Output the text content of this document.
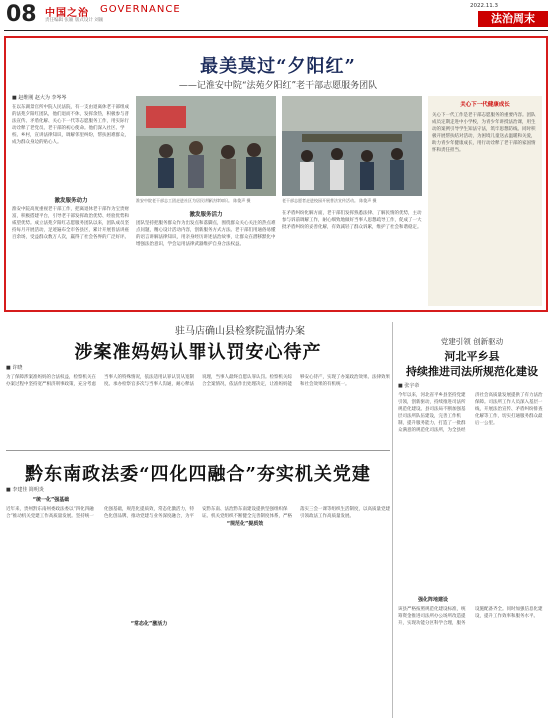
08 中国之治 GOVERNANCE
责任编辑 张颖 版式设计 刘颖
2022.11.3
法治周末
最美莫过“夕阳红”
——记淮安中院“法苑夕阳红”老干部志愿服务团队
■ 赵维刚 赵大为 李岑岑
在以东湖景官所中院人民法院，有一支由退离休老干部组成的法苑夕阳红团队，他们退而不休，发挥余热，积极参与普法宣传、矛盾化解、关心下一代等志愿服务工作，用实际行动诠释了老党员、老干部的初心使命。他们深入社区、学校、乡村，宣讲法律知识，调解邻里纠纷，帮扶困难群众，成为群众身边的贴心人。
激发服务动力
淮安中院高度重视老干部工作，把离退休老干部作为宝贵财富，积极搭建平台，引导老干部发挥政治优势、经验优势和威望优势。成立法苑夕阳红志愿服务团队以来，团队成员坚持每月开展活动，足迹遍布全市各县区，累计开展普法讲座百余场，受益群众数万人次，赢得了社会各界的广泛好评。
淮安中院老干部志工团走进社区为居民讲解法律知识。 陈俊声 摄	老干部志愿者走进校园开展普法宣传活动。 陈俊声 摄
激发服务活力
团队坚持把服务群众作为出发点和落脚点，围绕群众关心关注的热点难点问题，精心设计活动内容，创新服务方式方法。老干部们用通俗易懂的语言讲解法律知识，用亲身经历讲述法治故事，让群众在潜移默化中增强法治意识，学会运用法律武器维护自身合法权益。
在矛盾纠纷化解方面，老干部们发挥熟悉法律、了解民情的优势，主动参与诉前调解工作，耐心细致地做好当事人思想疏导工作，促成了一大批矛盾纠纷的妥善化解，有效减轻了群众诉累，维护了社会和谐稳定。
关心下一代健康成长
关心下一代工作是老干部志愿服务的重要内容。团队成员定期走进中小学校，为青少年讲授法治课，用生动的案例引导学生知法守法，筑牢思想防线。同时积极开展帮扶结对活动，为困境儿童送去温暖和关爱，助力青少年健康成长，用行动诠释了老干部的家国情怀和责任担当。
驻马店确山县检察院温情办案
涉案准妈妈认罪认罚安心待产
■ 许晓
为了保障涉案准妈妈的合法权益，检察机关在办案过程中坚持宽严相济刑事政策，充分考虑当事人的特殊情况，依法适用认罪认罚从宽制度。承办检察官多次与当事人沟通，耐心释法说理，当事人最终自愿认罪认罚。检察机关综合全案情况，依法作出处理决定，让准妈妈能够安心待产，实现了办案政治效果、法律效果和社会效果的有机统一。
黔东南政法委“四化四融合”夯实机关党建
■ 李建佳 简明炎
“统一化”强基础
“规范化”提质效
“常态化”激活力
近年来，贵州黔东南州委政法委以“四化四融合”推动机关党建工作高质量发展。坚持统一化强基础，规范化提质效，常态化激活力，特色化创品牌，推动党建与业务深度融合，为平安黔东南、法治黔东南建设提供坚强组织保证。机关党组织不断健全完善制度体系，严格落实三会一课等组织生活制度，以高质量党建引领政法工作高质量发展。
党建引领 创新驱动
河北平乡县
持续推进司法所规范化建设
■ 张宇帝
今年以来，河北省平乡县坚持党建引领，创新驱动，持续推进司法所规范化建设。县司法局不断加强基层司法所队伍建设，完善工作机制，提升服务能力，打造了一批群众满意的规范化司法所，为全县经济社会高质量发展提供了有力法治保障。司法所工作人员深入基层一线，开展法治宣传、矛盾纠纷排查化解等工作，切实打通服务群众最后一公里。
强化阵地建设
该县严格按照规范化建设标准，统筹资金推进司法所办公场所改造提升，实现功能分区科学合理，服务设施配备齐全。同时加强信息化建设，提升工作效率和服务水平。
